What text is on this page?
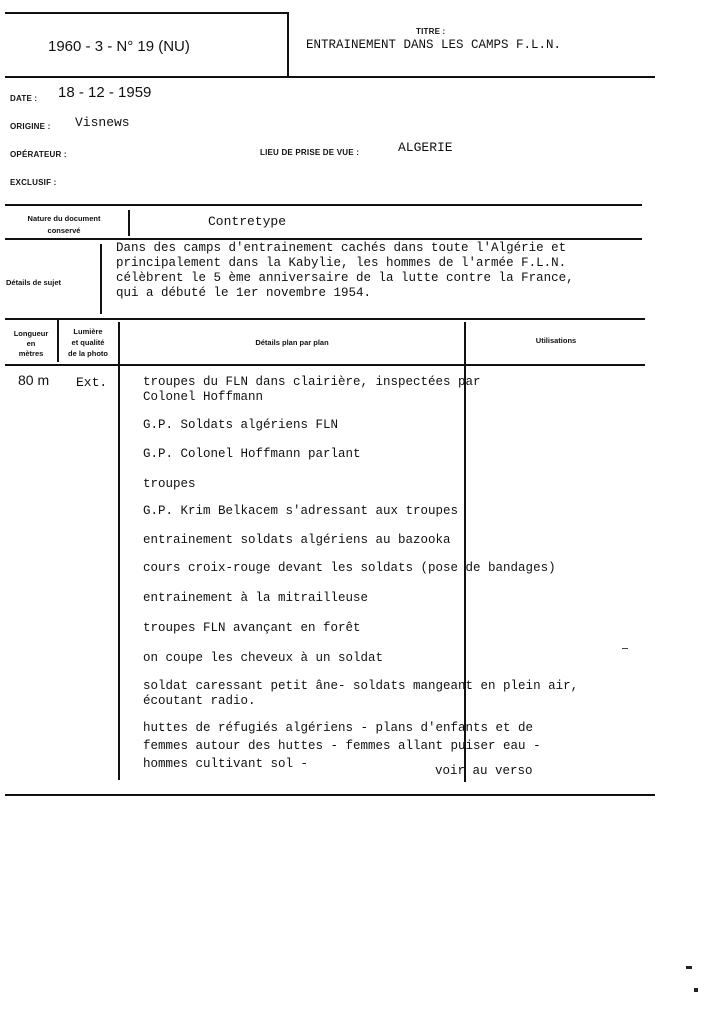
1960 - 3 - N° 19 (NU)
TITRE :
ENTRAINEMENT DANS LES CAMPS F.L.N.
DATE : 18 - 12 - 1959
ORIGINE : Visnews
OPÉRATEUR :	LIEU DE PRISE DE VUE :	ALGERIE
EXCLUSIF :
Nature du document
conservé
Contretype
Détails de sujet
Dans des camps d'entrainement cachés dans toute l'Algérie et
principalement dans la Kabylie, les hommes de l'armée F.L.N.
célèbrent le 5 ème anniversaire de la lutte contre la France,
qui a débuté le 1er novembre 1954.
Longueur
en
mètres
Lumière
et qualité
de la photo
Détails plan par plan	Utilisations
80 m Ext.	troupes du FLN dans clairière, inspectées par
Colonel Hoffmann
G.P. Soldats algériens FLN
G.P. Colonel Hoffmann parlant
troupes
G.P. Krim Belkacem s'adressant aux troupes
entrainement soldats algériens au bazooka
cours croix-rouge devant les soldats (pose de bandages)
entrainement à la mitrailleuse
troupes FLN avançant en forêt
on coupe les cheveux à un soldat
soldat caressant petit âne- soldats mangeant en plein air,
écoutant radio.
huttes de réfugiés algériens - plans d'enfants et de
femmes autour des huttes - femmes allant puiser eau -
hommes cultivant sol -	voir au verso
